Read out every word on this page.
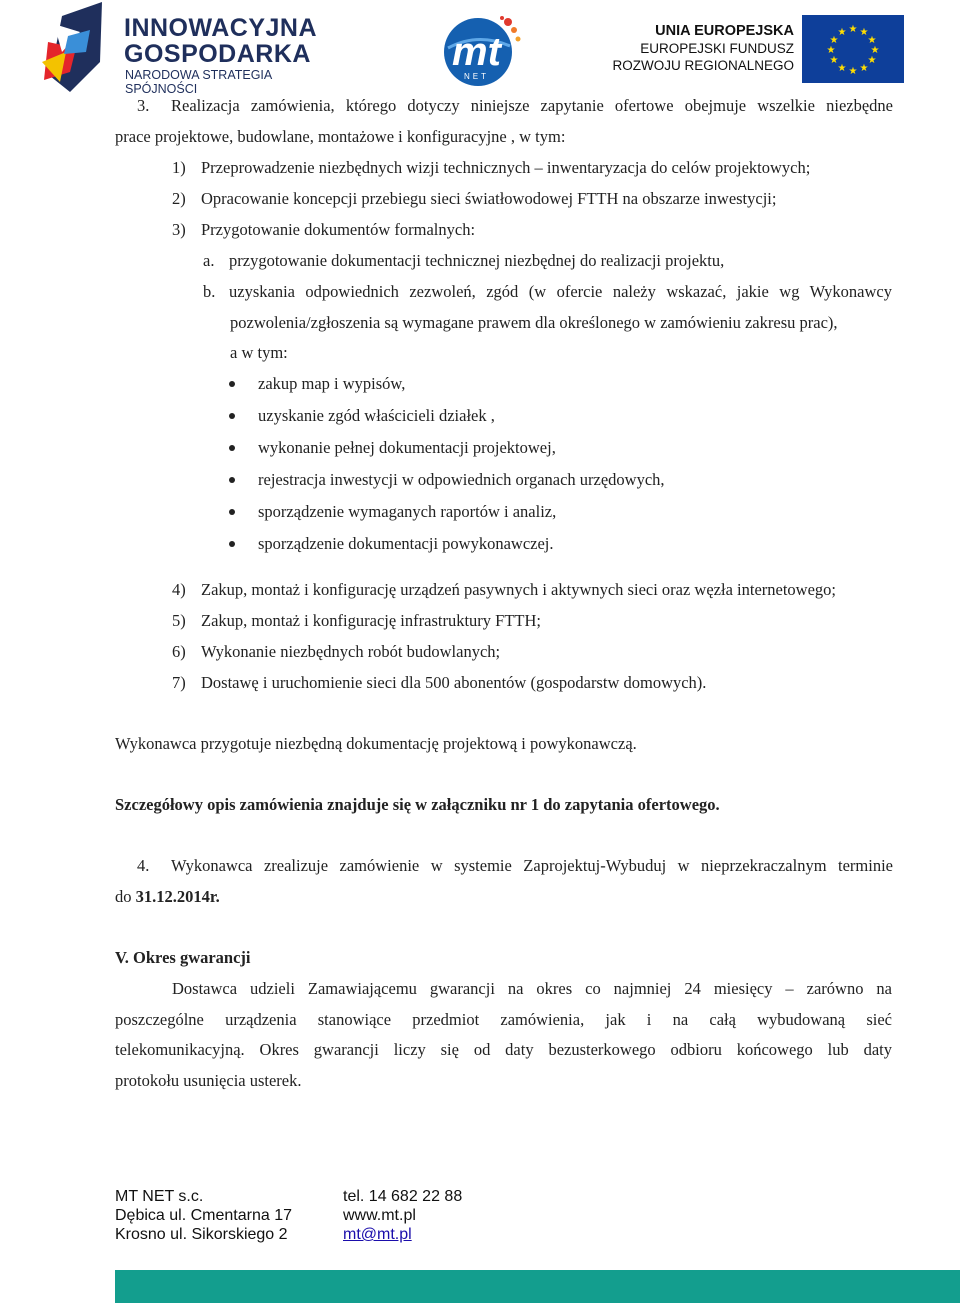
INNOWACYJNA
GOSPODARKA
NARODOWA STRATEGIA SPÓJNOŚCI
mt
NET
UNIA EUROPEJSKA
EUROPEJSKI FUNDUSZ
ROZWOJU REGIONALNEGO
★ ★
★
★
★
★
★
★
★
★
★
★
3. Realizacja zamówienia, którego dotyczy niniejsze zapytanie ofertowe obejmuje wszelkie niezbędne
prace projektowe, budowlane, montażowe i konfiguracyjne , w tym:
1) Przeprowadzenie niezbędnych wizji technicznych – inwentaryzacja do celów projektowych;
2) Opracowanie koncepcji przebiegu sieci światłowodowej FTTH na obszarze inwestycji;
3) Przygotowanie dokumentów formalnych:
a. przygotowanie dokumentacji technicznej niezbędnej do realizacji projektu,
b. uzyskania odpowiednich zezwoleń, zgód (w ofercie należy wskazać, jakie wg Wykonawcy
pozwolenia/zgłoszenia są wymagane prawem dla określonego w zamówieniu zakresu prac),
a w tym:
zakup map i wypisów,
uzyskanie zgód właścicieli działek ,
wykonanie pełnej dokumentacji projektowej,
rejestracja inwestycji w odpowiednich organach urzędowych,
sporządzenie wymaganych raportów i analiz,
sporządzenie dokumentacji powykonawczej.
4) Zakup, montaż i konfigurację urządzeń pasywnych i aktywnych sieci oraz węzła internetowego;
5) Zakup, montaż i konfigurację infrastruktury FTTH;
6) Wykonanie niezbędnych robót budowlanych;
7) Dostawę i uruchomienie sieci dla 500 abonentów (gospodarstw domowych).
Wykonawca przygotuje niezbędną dokumentację projektową i powykonawczą.
Szczegółowy opis zamówienia znajduje się w załączniku nr 1 do zapytania ofertowego.
4. Wykonawca zrealizuje zamówienie w systemie Zaprojektuj-Wybuduj w nieprzekraczalnym terminie
do 31.12.2014r.
V. Okres gwarancji
Dostawca udzieli Zamawiającemu gwarancji na okres co najmniej 24 miesięcy – zarówno na
poszczególne urządzenia stanowiące przedmiot zamówienia, jak i na całą wybudowaną sieć
telekomunikacyjną. Okres gwarancji liczy się od daty bezusterkowego odbioru końcowego lub daty
protokołu usunięcia usterek.
MT NET s.c.
Dębica ul. Cmentarna 17
Krosno ul. Sikorskiego 2
tel. 14 682 22 88
www.mt.pl
mt@mt.pl
